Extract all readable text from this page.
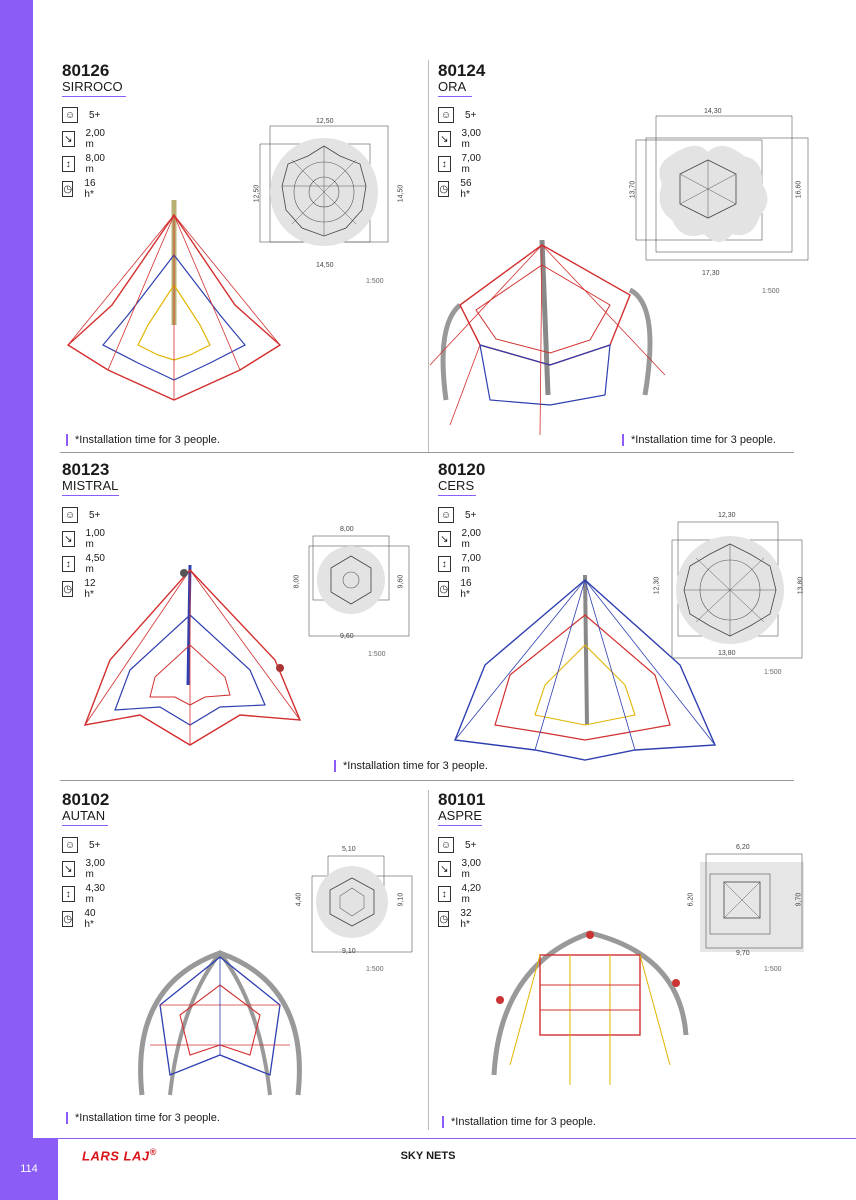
114
LARS LAJ®	SKY NETS
80126
SIRROCO
☺ 5+
↘ 2,00 m
↕	8,00 m
◷ 16 h*
12,50
14,50
12,50	14,50
1:500
*Installation time for 3 people.
80124
ORA
☺ 5+
↘ 3,00 m
↕	7,00 m
◷ 56 h*
14,30
17,30
13,70	16,60
1:500
*Installation time for 3 people.
80123
MISTRAL
☺ 5+
↘ 1,00 m
↕	4,50 m
◷ 12 h*
8,00
9,60
8,00	9,60
1:500
80120
CERS
☺ 5+
↘ 2,00 m
↕	7,00 m
◷ 16 h*
12,30
13,80
12,30	13,80
1:500
*Installation time for 3 people.
80102
AUTAN
☺ 5+
↘ 3,00 m
↕	4,30 m
◷ 40 h*
5,10
9,10
4,40	9,10
1:500
*Installation time for 3 people.
80101
ASPRE
☺ 5+
↘ 3,00 m
↕	4,20 m
◷ 32 h*
6,20
9,70
6,20	9,70
1:500
*Installation time for 3 people.
